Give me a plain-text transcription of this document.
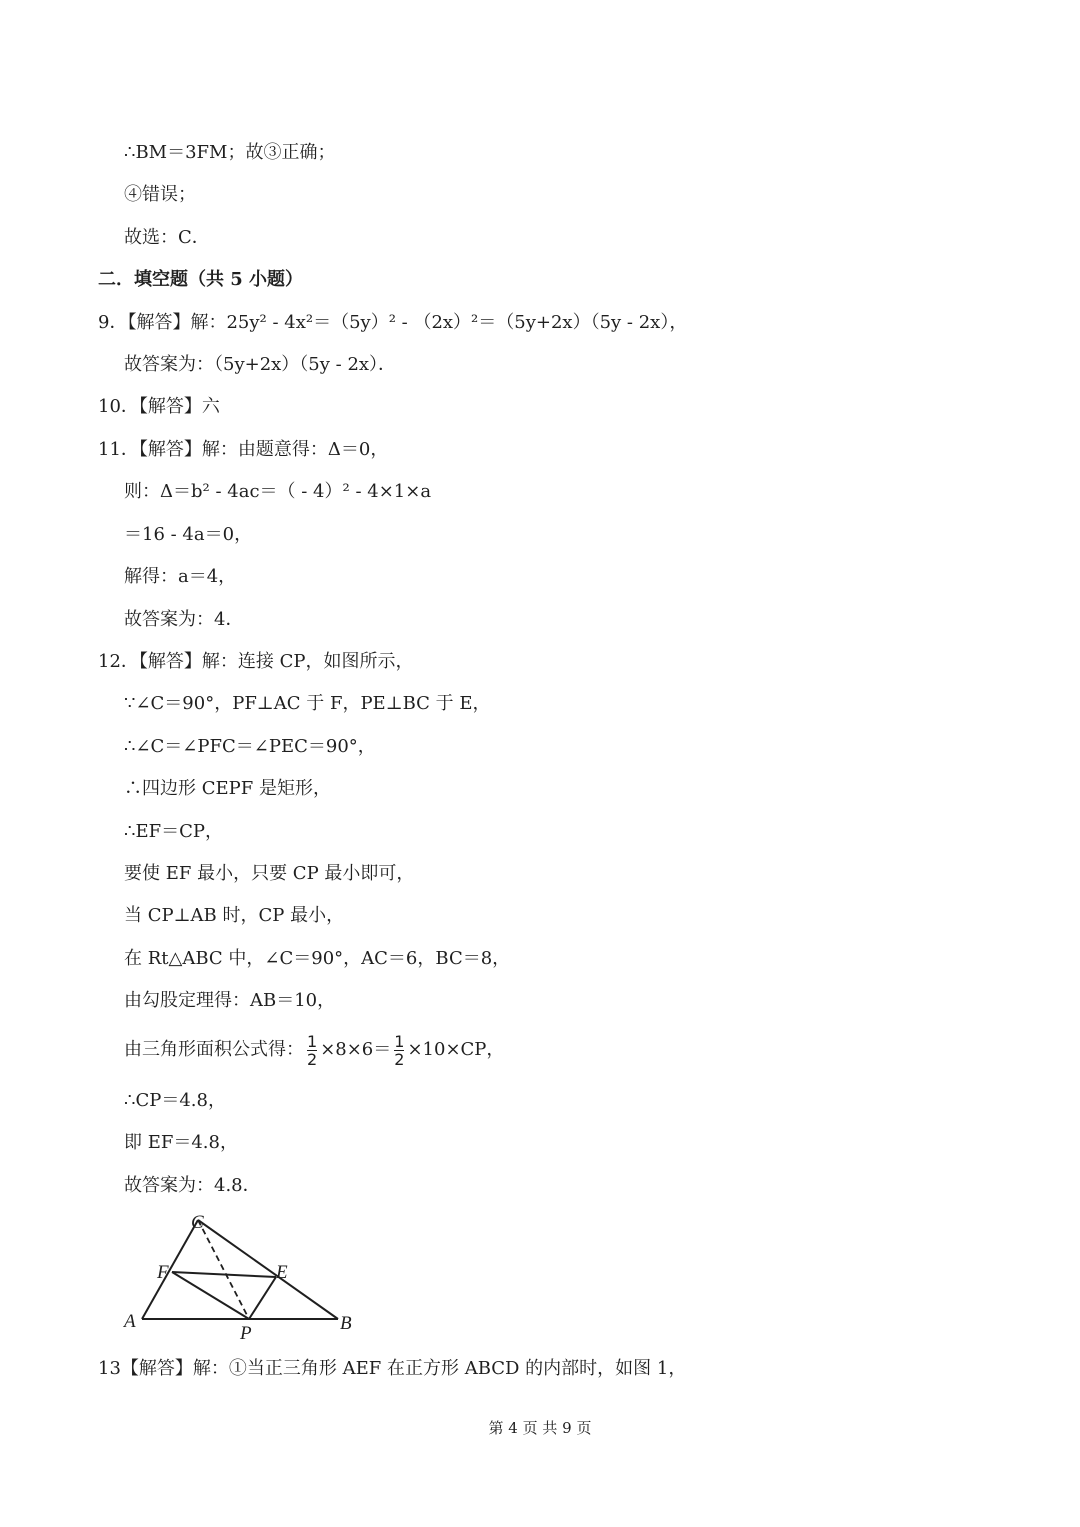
∴BM＝3FM；故③正确；
④错误；
故选：C．
二．填空题（共 5 小题）
9．【解答】解：25y² ‐ 4x²＝（5y）² ‐ （2x）²＝（5y+2x）（5y ‐ 2x），
故答案为：（5y+2x）（5y ‐ 2x）．
10．【解答】六
11．【解答】解：由题意得：Δ＝0，
则：Δ＝b² ‐ 4ac＝（ ‐ 4）² ‐ 4×1×a
＝16 ‐ 4a＝0，
解得：a＝4，
故答案为：4．
12．【解答】解：连接 CP，如图所示，
∵∠C＝90°，PF⊥AC 于 F，PE⊥BC 于 E，
∴∠C＝∠PFC＝∠PEC＝90°，
∴四边形 CEPF 是矩形，
∴EF＝CP，
要使 EF 最小，只要 CP 最小即可，
当 CP⊥AB 时，CP 最小，
在 Rt△ABC 中，∠C＝90°，AC＝6，BC＝8，
由勾股定理得：AB＝10，
由三角形面积公式得： $\frac{1}{2} \times 8\times 6= \frac{1}{2} \times 10\times CP$，
∴CP＝4.8，
即 EF＝4.8，
故答案为：4.8．
C
F	E
A
P	B
13【解答】解：①当正三角形 AEF 在正方形 ABCD 的内部时，如图 1，
第 4 页 共 9 页
